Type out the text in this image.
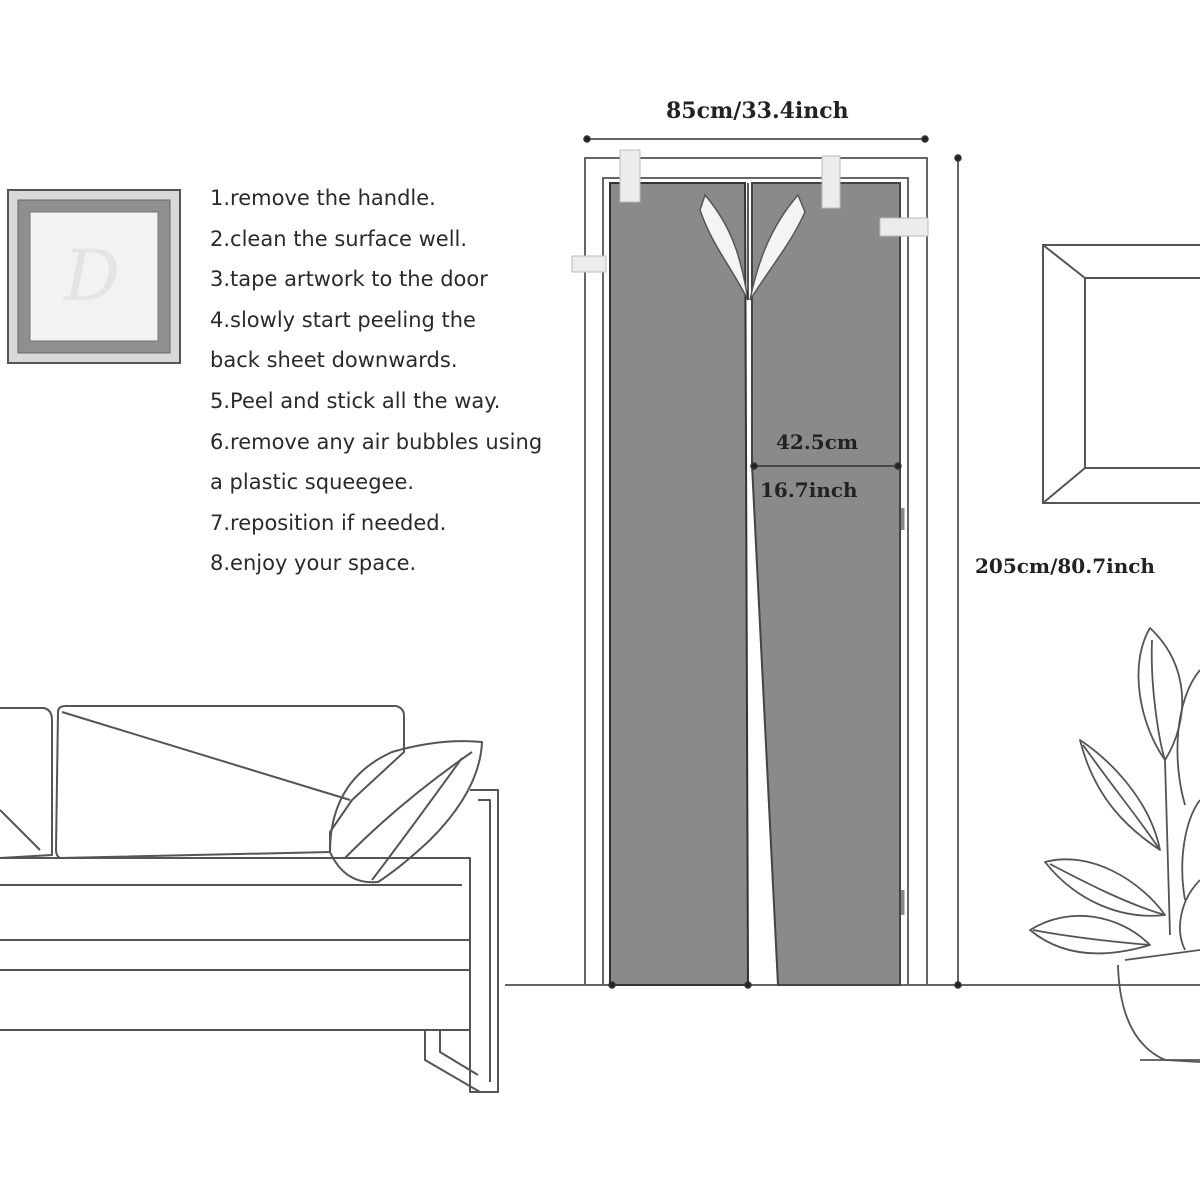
D
1.remove the handle.
2.clean the surface well.
3.tape artwork to the door
4.slowly start peeling the
back sheet downwards.
5.Peel and stick all the way.
6.remove any air bubbles using
a plastic squeegee.
7.reposition if needed.
8.enjoy your space.
85cm/33.4inch
205cm/80.7inch
42.5cm
16.7inch
